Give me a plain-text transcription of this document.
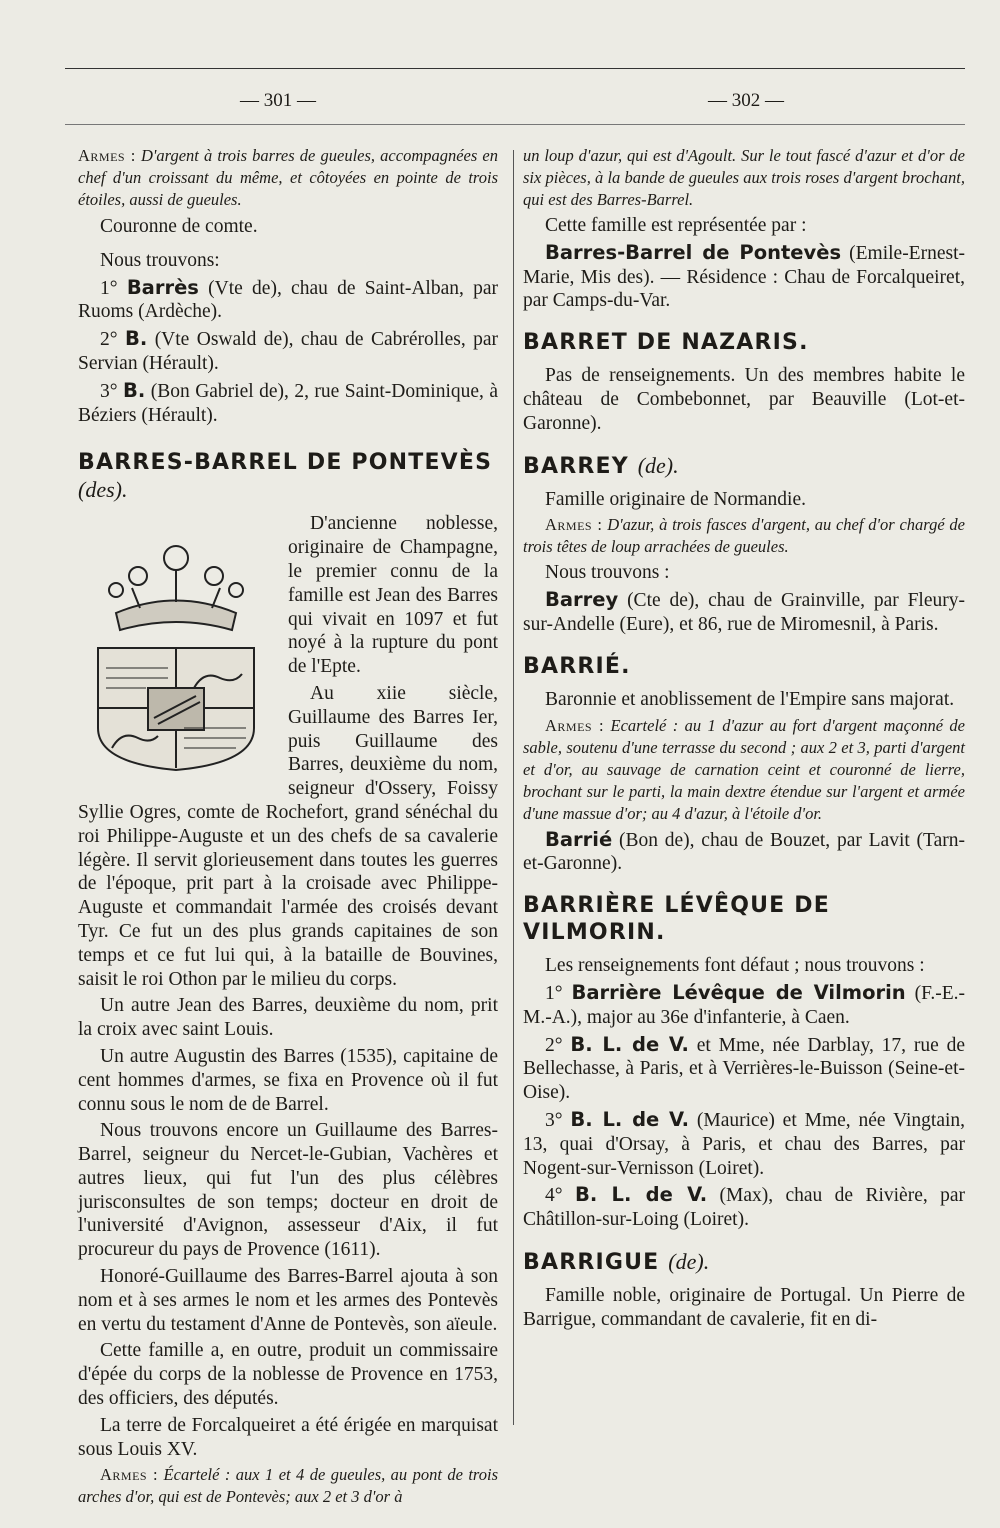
— 301 —	— 302 —

Armes : D'argent à trois barres de gueules, accompagnées en chef d'un croissant du même, et côtoyées en pointe de trois étoiles, aussi de gueules.

Couronne de comte.

Nous trouvons:

1° Barrès (Vte de), chau de Saint-Alban, par Ruoms (Ardèche).

2° B. (Vte Oswald de), chau de Cabrérolles, par Servian (Hérault).

3° B. (Bon Gabriel de), 2, rue Saint-Dominique, à Béziers (Hérault).

BARRES-BARREL DE PONTEVÈS (des).

D'ancienne noblesse, originaire de Champagne, le premier connu de la famille est Jean des Barres qui vivait en 1097 et fut noyé à la rupture du pont de l'Epte.

Au xiie siècle, Guillaume des Barres Ier, puis Guillaume des Barres, deuxième du nom, seigneur d'Ossery, Foissy Syllie Ogres, comte de Rochefort, grand sénéchal du roi Philippe-Auguste et un des chefs de sa cavalerie légère. Il servit glorieusement dans toutes les guerres de l'époque, prit part à la croisade avec Philippe-Auguste et commandait l'armée des croisés devant Tyr. Ce fut un des plus grands capitaines de son temps et ce fut lui qui, à la bataille de Bouvines, saisit le roi Othon par le milieu du corps.

Un autre Jean des Barres, deuxième du nom, prit la croix avec saint Louis.

Un autre Augustin des Barres (1535), capitaine de cent hommes d'armes, se fixa en Provence où il fut connu sous le nom de de Barrel.

Nous trouvons encore un Guillaume des Barres-Barrel, seigneur du Nercet-le-Gubian, Vachères et autres lieux, qui fut l'un des plus célèbres jurisconsultes de son temps; docteur en droit de l'université d'Avignon, assesseur d'Aix, il fut procureur du pays de Provence (1611).

Honoré-Guillaume des Barres-Barrel ajouta à son nom et à ses armes le nom et les armes des Pontevès en vertu du testament d'Anne de Pontevès, son aïeule.

Cette famille a, en outre, produit un commissaire d'épée du corps de la noblesse de Provence en 1753, des officiers, des députés.

La terre de Forcalqueiret a été érigée en marquisat sous Louis XV.

Armes : Écartelé : aux 1 et 4 de gueules, au pont de trois arches d'or, qui est de Pontevès; aux 2 et 3 d'or à

un loup d'azur, qui est d'Agoult. Sur le tout fascé d'azur et d'or de six pièces, à la bande de gueules aux trois roses d'argent brochant, qui est des Barres-Barrel.

Cette famille est représentée par :

Barres-Barrel de Pontevès (Emile-Ernest-Marie, Mis des). — Résidence : Chau de Forcalqueiret, par Camps-du-Var.

BARRET DE NAZARIS.

Pas de renseignements. Un des membres habite le château de Combebonnet, par Beauville (Lot-et-Garonne).

BARREY (de).

Famille originaire de Normandie.

Armes : D'azur, à trois fasces d'argent, au chef d'or chargé de trois têtes de loup arrachées de gueules.

Nous trouvons :

Barrey (Cte de), chau de Grainville, par Fleury-sur-Andelle (Eure), et 86, rue de Miromesnil, à Paris.

BARRIÉ.

Baronnie et anoblissement de l'Empire sans majorat.

Armes : Ecartelé : au 1 d'azur au fort d'argent maçonné de sable, soutenu d'une terrasse du second ; aux 2 et 3, parti d'argent et d'or, au sauvage de carnation ceint et couronné de lierre, brochant sur le parti, la main dextre étendue sur l'argent et armée d'une massue d'or; au 4 d'azur, à l'étoile d'or.

Barrié (Bon de), chau de Bouzet, par Lavit (Tarn-et-Garonne).

BARRIÈRE LÉVÊQUE DE VILMORIN.

Les renseignements font défaut ; nous trouvons :

1° Barrière Lévêque de Vilmorin (F.-E.-M.-A.), major au 36e d'infanterie, à Caen.

2° B. L. de V. et Mme, née Darblay, 17, rue de Bellechasse, à Paris, et à Verrières-le-Buisson (Seine-et-Oise).

3° B. L. de V. (Maurice) et Mme, née Vingtain, 13, quai d'Orsay, à Paris, et chau des Barres, par Nogent-sur-Vernisson (Loiret).

4° B. L. de V. (Max), chau de Rivière, par Châtillon-sur-Loing (Loiret).

BARRIGUE (de).

Famille noble, originaire de Portugal. Un Pierre de Barrigue, commandant de cavalerie, fit en di-
